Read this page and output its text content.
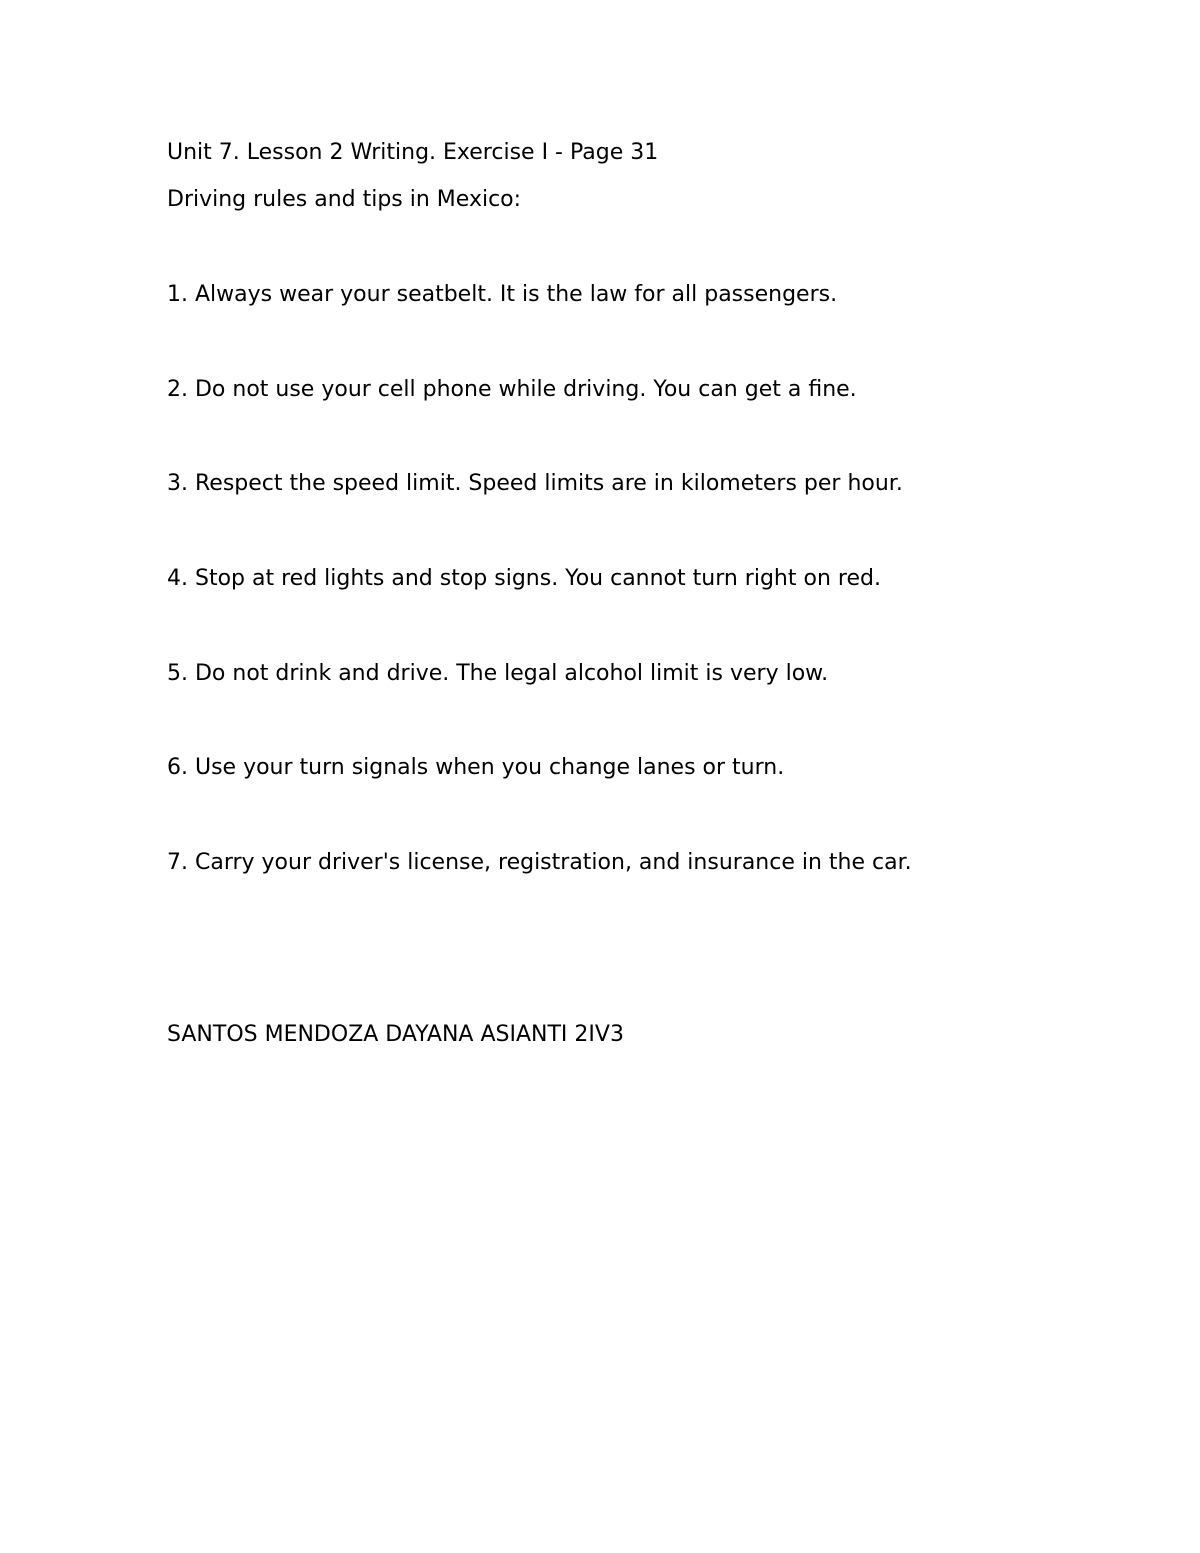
Unit 7. Lesson 2 Writing. Exercise I - Page 31

Driving rules and tips in Mexico:

1. Always wear your seatbelt. It is the law for all passengers.
2. Do not use your cell phone while driving. You can get a fine.
3. Respect the speed limit. Speed limits are in kilometers per hour.
4. Stop at red lights and stop signs. You cannot turn right on red.
5. Do not drink and drive. The legal alcohol limit is very low.
6. Use your turn signals when you change lanes or turn.
7. Carry your driver's license, registration, and insurance in the car.

SANTOS MENDOZA DAYANA ASIANTI 2IV3
